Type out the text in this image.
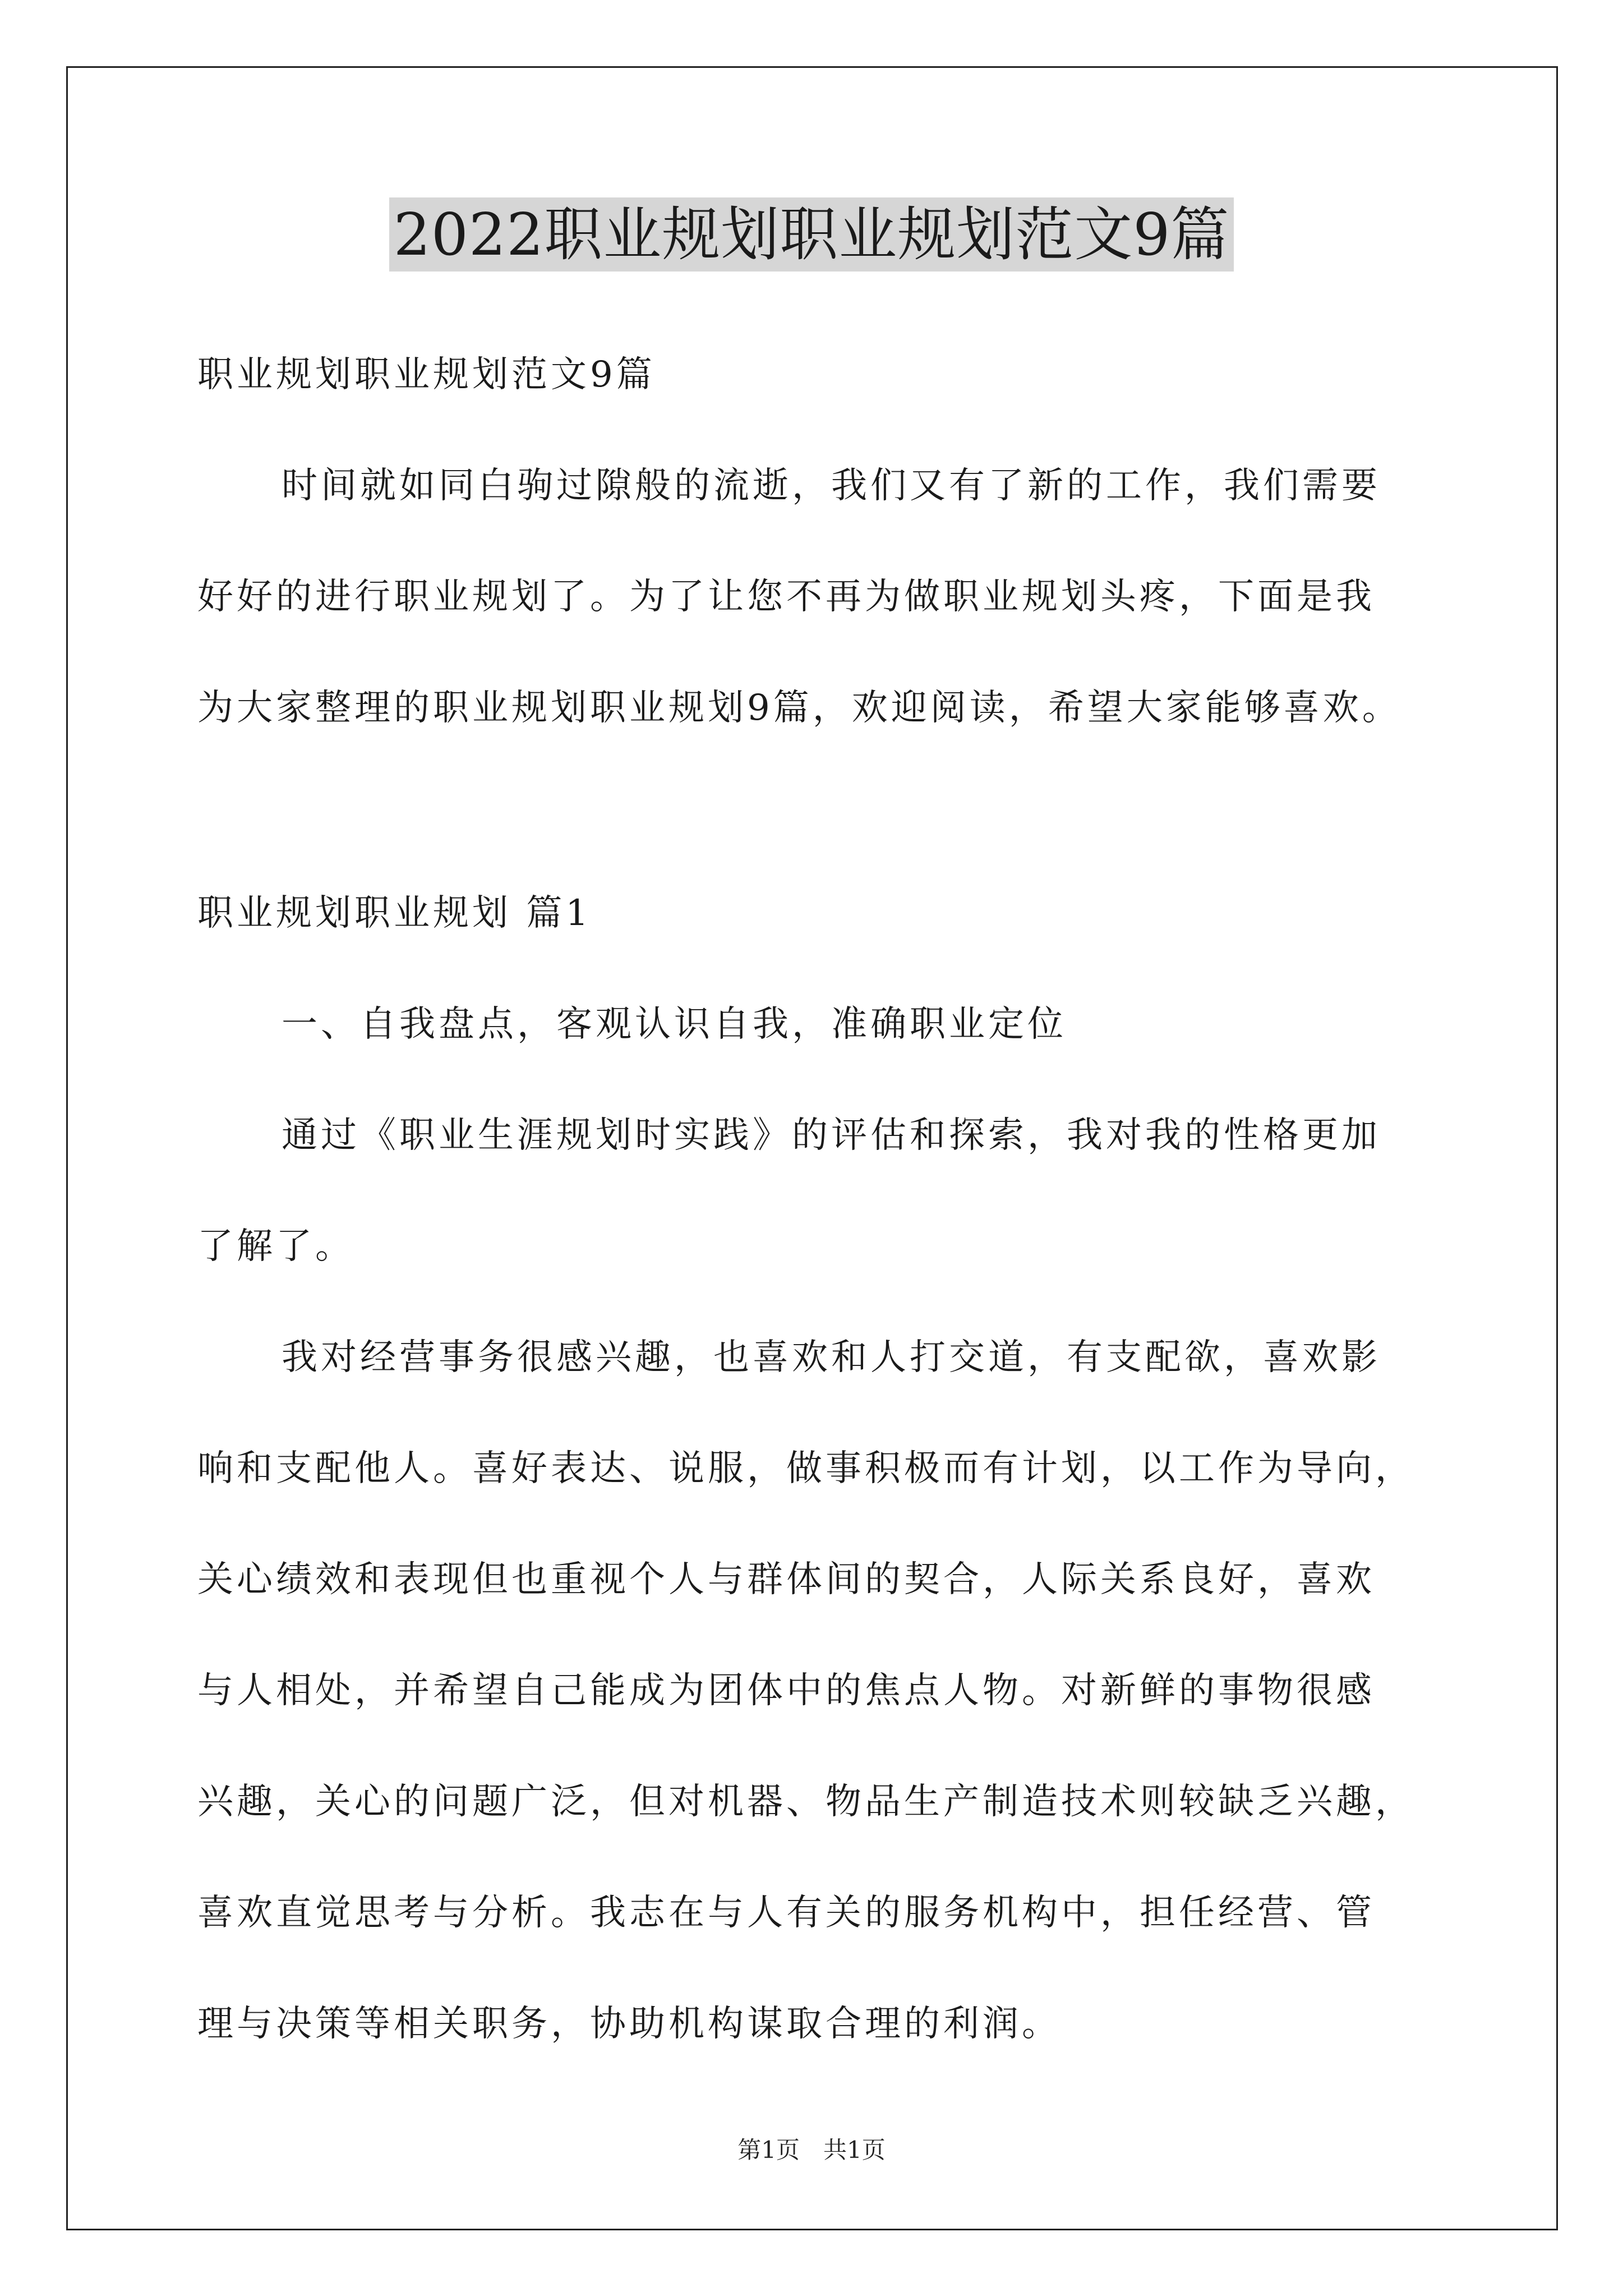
2022职业规划职业规划范文9篇
职业规划职业规划范文9篇
时间就如同白驹过隙般的流逝，我们又有了新的工作，我们需要
好好的进行职业规划了。为了让您不再为做职业规划头疼，下面是我
为大家整理的职业规划职业规划9篇，欢迎阅读，希望大家能够喜欢。
职业规划职业规划 篇1
一、自我盘点，客观认识自我，准确职业定位
通过《职业生涯规划时实践》的评估和探索，我对我的性格更加
了解了。
我对经营事务很感兴趣，也喜欢和人打交道，有支配欲，喜欢影
响和支配他人。喜好表达、说服，做事积极而有计划，以工作为导向，
关心绩效和表现但也重视个人与群体间的契合，人际关系良好，喜欢
与人相处，并希望自己能成为团体中的焦点人物。对新鲜的事物很感
兴趣，关心的问题广泛，但对机器、物品生产制造技术则较缺乏兴趣，
喜欢直觉思考与分析。我志在与人有关的服务机构中，担任经营、管
理与决策等相关职务，协助机构谋取合理的利润。
第1页　共1页
